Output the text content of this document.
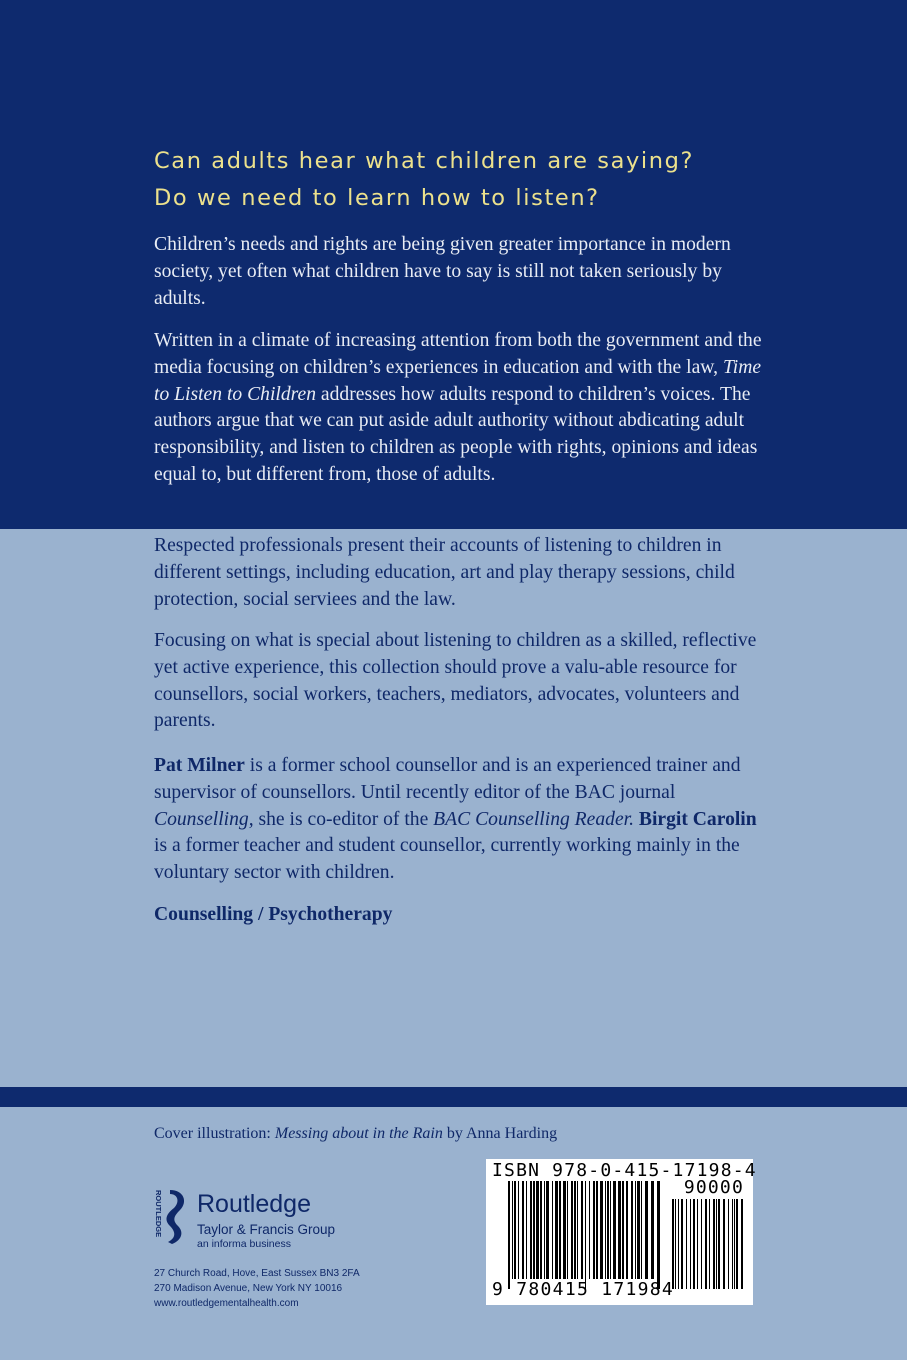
Can adults hear what children are saying?
Do we need to learn how to listen?

Children’s needs and rights are being given greater importance in modern society, yet often what children have to say is still not taken seriously by adults.

Written in a climate of increasing attention from both the government and the media focusing on children’s experiences in education and with the law, Time to Listen to Children addresses how adults respond to children’s voices. The authors argue that we can put aside adult authority without abdicating adult responsibility, and listen to children as people with rights, opinions and ideas equal to, but different from, those of adults.

Respected professionals present their accounts of listening to children in different settings, including education, art and play therapy sessions, child protection, social serviees and the law.

Focusing on what is special about listening to children as a skilled, reflective yet active experience, this collection should prove a valu-able resource for counsellors, social workers, teachers, mediators, advocates, volunteers and parents.

Pat Milner is a former school counsellor and is an experienced trainer and supervisor of counsellors. Until recently editor of the BAC journal Counselling, she is co-editor of the BAC Counselling Reader. Birgit Carolin is a former teacher and student counsellor, currently working mainly in the voluntary sector with children.

Counselling / Psychotherapy
Cover illustration: Messing about in the Rain by Anna Harding
ROUTLEDGE Routledge
Taylor & Francis Group
an informa business
27 Church Road, Hove, East Sussex BN3 2FA
270 Madison Avenue, New York NY 10016
www.routledgementalhealth.com
ISBN 978-0-415-17198-4
90000
9 780415 171984
